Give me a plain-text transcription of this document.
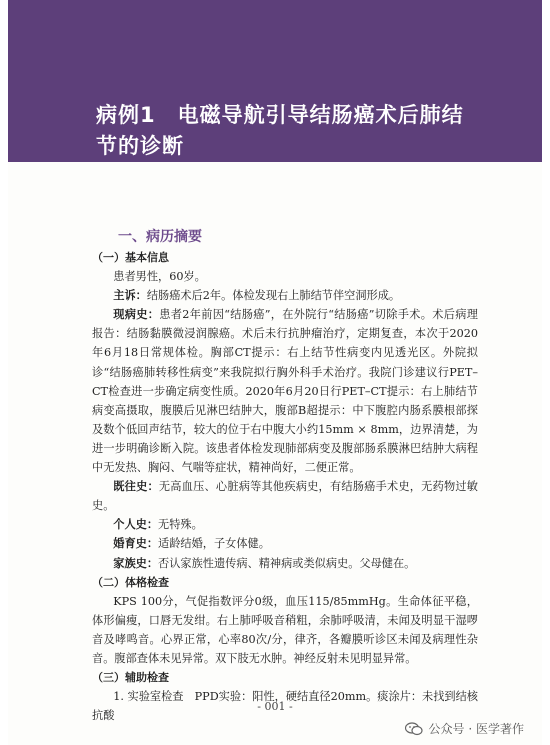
病例1　电磁导航引导结肠癌术后肺结
节的诊断
一、病历摘要
（一）基本信息

患者男性，60岁。

主诉：结肠癌术后2年。体检发现右上肺结节伴空洞形成。

现病史：患者2年前因“结肠癌”，在外院行“结肠癌”切除手术。术后病理报告：结肠黏膜微浸润腺癌。术后未行抗肿瘤治疗，定期复查，本次于2020年6月18日常规体检。胸部CT提示：右上结节性病变内见透光区。外院拟诊“结肠癌肺转移性病变”来我院拟行胸外科手术治疗。我院门诊建议行PET–CT检查进一步确定病变性质。2020年6月20日行PET–CT提示：右上肺结节病变高摄取，腹膜后见淋巴结肿大，腹部B超提示：中下腹腔内肠系膜根部探及数个低回声结节，较大的位于右中腹大小约15mm × 8mm，边界清楚，为进一步明确诊断入院。该患者体检发现肺部病变及腹部肠系膜淋巴结肿大病程中无发热、胸闷、气喘等症状，精神尚好，二便正常。

既往史：无高血压、心脏病等其他疾病史，有结肠癌手术史，无药物过敏史。

个人史：无特殊。

婚育史：适龄结婚，子女体健。

家族史：否认家族性遗传病、精神病或类似病史。父母健在。

（二）体格检查

KPS 100分，气促指数评分0级，血压115/85mmHg。生命体征平稳，体形偏瘦，口唇无发绀。右上肺呼吸音稍粗，余肺呼吸清，未闻及明显干湿啰音及哮鸣音。心界正常，心率80次/分，律齐，各瓣膜听诊区未闻及病理性杂音。腹部查体未见异常。双下肢无水肿。神经反射未见明显异常。

（三）辅助检查

1. 实验室检查　PPD实验：阳性，硬结直径20mm。痰涂片：未找到结核抗酸

- 001 -
公众号 · 医学著作
